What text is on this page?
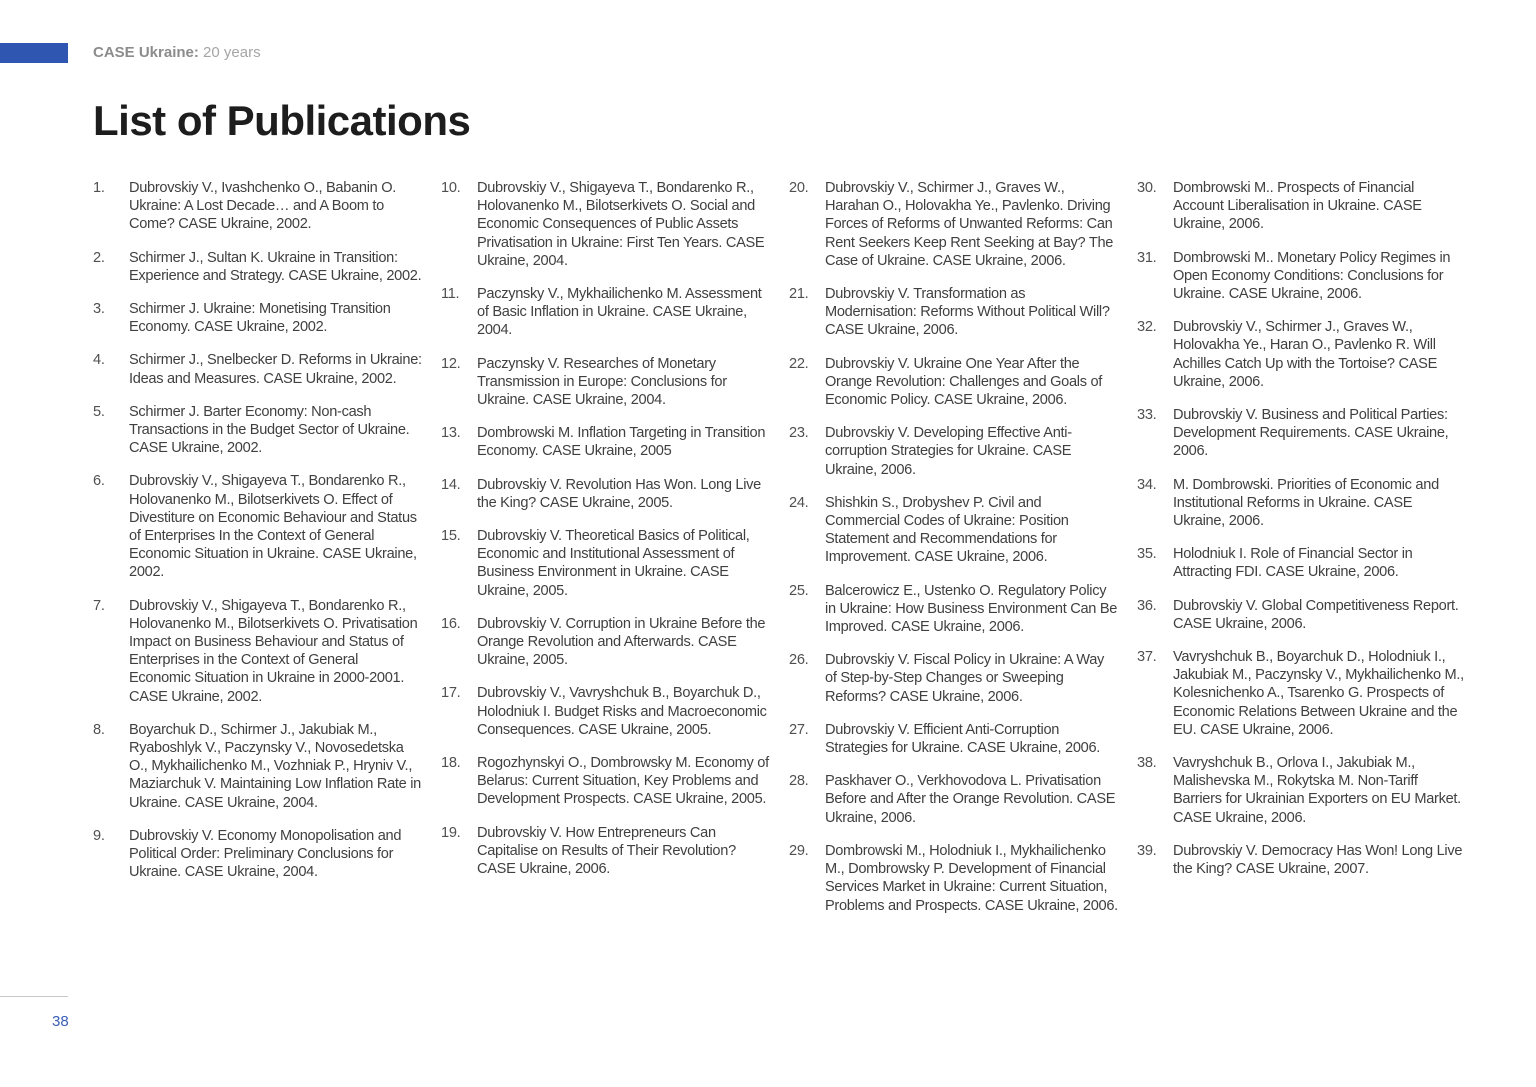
CASE Ukraine: 20 years
List of Publications
1. Dubrovskiy V., Ivashchenko O., Babanin O. Ukraine: A Lost Decade… and A Boom to Come? CASE Ukraine, 2002.
2. Schirmer J., Sultan K. Ukraine in Transition: Experience and Strategy. CASE Ukraine, 2002.
3. Schirmer J. Ukraine: Monetising Transition Economy. CASE Ukraine, 2002.
4. Schirmer J., Snelbecker D. Reforms in Ukraine: Ideas and Measures. CASE Ukraine, 2002.
5. Schirmer J. Barter Economy: Non-cash Transactions in the Budget Sector of Ukraine. CASE Ukraine, 2002.
6. Dubrovskiy V., Shigayeva T., Bondarenko R., Holovanenko M., Bilotserkivets O. Effect of Divestiture on Economic Behaviour and Status of Enterprises In the Context of General Economic Situation in Ukraine. CASE Ukraine, 2002.
7. Dubrovskiy V., Shigayeva T., Bondarenko R., Holovanenko M., Bilotserkivets O. Privatisation Impact on Business Behaviour and Status of Enterprises in the Context of General Economic Situation in Ukraine in 2000-2001. CASE Ukraine, 2002.
8. Boyarchuk D., Schirmer J., Jakubiak M., Ryaboshlyk V., Paczynsky V., Novosedetska O., Mykhailichenko M., Vozhniak P., Hryniv V., Maziarchuk V. Maintaining Low Inflation Rate in Ukraine. CASE Ukraine, 2004.
9. Dubrovskiy V. Economy Monopolisation and Political Order: Preliminary Conclusions for Ukraine. CASE Ukraine, 2004.
10. Dubrovskiy V., Shigayeva T., Bondarenko R., Holovanenko M., Bilotserkivets O. Social and Economic Consequences of Public Assets Privatisation in Ukraine: First Ten Years. CASE Ukraine, 2004.
11. Paczynsky V., Mykhailichenko M. Assessment of Basic Inflation in Ukraine. CASE Ukraine, 2004.
12. Paczynsky V. Researches of Monetary Transmission in Europe: Conclusions for Ukraine. CASE Ukraine, 2004.
13. Dombrowski M. Inflation Targeting in Transition Economy. CASE Ukraine, 2005
14. Dubrovskiy V. Revolution Has Won. Long Live the King? CASE Ukraine, 2005.
15. Dubrovskiy V. Theoretical Basics of Political, Economic and Institutional Assessment of Business Environment in Ukraine. CASE Ukraine, 2005.
16. Dubrovskiy V. Corruption in Ukraine Before the Orange Revolution and Afterwards. CASE Ukraine, 2005.
17. Dubrovskiy V., Vavryshchuk B., Boyarchuk D., Holodniuk I. Budget Risks and Macroeconomic Consequences. CASE Ukraine, 2005.
18. Rogozhynskyi O., Dombrowsky M. Economy of Belarus: Current Situation, Key Problems and Development Prospects. CASE Ukraine, 2005.
19. Dubrovskiy V. How Entrepreneurs Can Capitalise on Results of Their Revolution? CASE Ukraine, 2006.
20. Dubrovskiy V., Schirmer J., Graves W., Harahan O., Holovakha Ye., Pavlenko. Driving Forces of Reforms of Unwanted Reforms: Can Rent Seekers Keep Rent Seeking at Bay? The Case of Ukraine. CASE Ukraine, 2006.
21. Dubrovskiy V. Transformation as Modernisation: Reforms Without Political Will? CASE Ukraine, 2006.
22. Dubrovskiy V. Ukraine One Year After the Orange Revolution: Challenges and Goals of Economic Policy. CASE Ukraine, 2006.
23. Dubrovskiy V. Developing Effective Anti-corruption Strategies for Ukraine. CASE Ukraine, 2006.
24. Shishkin S., Drobyshev P. Civil and Commercial Codes of Ukraine: Position Statement and Recommendations for Improvement. CASE Ukraine, 2006.
25. Balcerowicz E., Ustenko O. Regulatory Policy in Ukraine: How Business Environment Can Be Improved. CASE Ukraine, 2006.
26. Dubrovskiy V. Fiscal Policy in Ukraine: A Way of Step-by-Step Changes or Sweeping Reforms? CASE Ukraine, 2006.
27. Dubrovskiy V. Efficient Anti-Corruption Strategies for Ukraine. CASE Ukraine, 2006.
28. Paskhaver O., Verkhovodova L. Privatisation Before and After the Orange Revolution. CASE Ukraine, 2006.
29. Dombrowski M., Holodniuk I., Mykhailichenko M., Dombrowsky P. Development of Financial Services Market in Ukraine: Current Situation, Problems and Prospects. CASE Ukraine, 2006.
30. Dombrowski M.. Prospects of Financial Account Liberalisation in Ukraine. CASE Ukraine, 2006.
31. Dombrowski M.. Monetary Policy Regimes in Open Economy Conditions: Conclusions for Ukraine. CASE Ukraine, 2006.
32. Dubrovskiy V., Schirmer J., Graves W., Holovakha Ye., Haran O., Pavlenko R. Will Achilles Catch Up with the Tortoise? CASE Ukraine, 2006.
33. Dubrovskiy V. Business and Political Parties: Development Requirements. CASE Ukraine, 2006.
34. M. Dombrowski. Priorities of Economic and Institutional Reforms in Ukraine. CASE Ukraine, 2006.
35. Holodniuk I. Role of Financial Sector in Attracting FDI. CASE Ukraine, 2006.
36. Dubrovskiy V. Global Competitiveness Report. CASE Ukraine, 2006.
37. Vavryshchuk B., Boyarchuk D., Holodniuk I., Jakubiak M., Paczynsky V., Mykhailichenko M., Kolesnichenko A., Tsarenko G. Prospects of Economic Relations Between Ukraine and the EU. CASE Ukraine, 2006.
38. Vavryshchuk B., Orlova I., Jakubiak M., Malishevska M., Rokytska M. Non-Tariff Barriers for Ukrainian Exporters on EU Market. CASE Ukraine, 2006.
39. Dubrovskiy V. Democracy Has Won! Long Live the King? CASE Ukraine, 2007.
38
